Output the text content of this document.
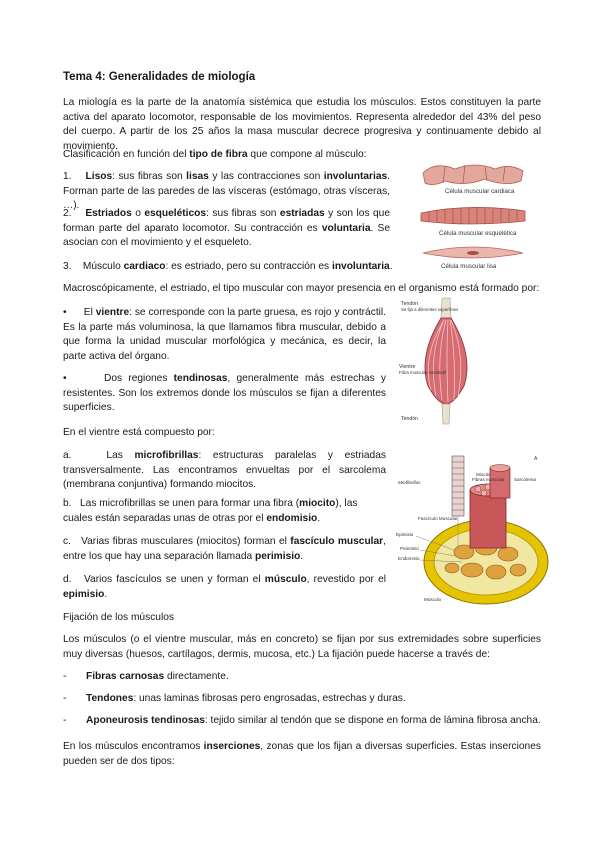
Tema 4: Generalidades de miología

La miología es la parte de la anatomía sistémica que estudia los músculos. Estos constituyen la parte activa del aparato locomotor, responsable de los movimientos. Representa alrededor del 43% del peso del cuerpo. A partir de los 25 años la masa muscular decrece progresiva y continuamente debido al movimiento.

Clasificación en función del tipo de fibra que compone al músculo:

1. Lisos: sus fibras son lisas y las contracciones son involuntarias. Forman parte de las paredes de las vísceras (estómago, otras vísceras, …).

2. Estriados o esqueléticos: sus fibras son estriadas y son los que forman parte del aparato locomotor. Su contracción es voluntaria. Se asocian con el movimiento y el esqueleto.

3. Músculo cardiaco: es estriado, pero su contracción es involuntaria.

Célula muscular cardiaca
Célula muscular esquelética
Célula muscular lisa

Macroscópicamente, el estriado, el tipo muscular con mayor presencia en el organismo está formado por:

• El vientre: se corresponde con la parte gruesa, es rojo y contráctil. Es la parte más voluminosa, la que llamamos fibra muscular, debido a que forma la unidad muscular morfológica y mecánica, es decir, la parte activa del órgano.

•	Dos regiones tendinosas, generalmente más estrechas y resistentes. Son los extremos donde los músculos se fijan a diferentes superficies.

Tendón
Se fija a diferentes superficies
Vientre
Fibra muscular contráctil
Tendón

En el vientre está compuesto por:

a.	Las microfibrillas: estructuras paralelas y estriadas transversalmente. Las encontramos envueltas por el sarcolema (membrana conjuntiva) formando miocitos.

b. Las microfibrillas se unen para formar una fibra (miocito), las cuales están separadas unas de otras por el endomisio.

c. Varias fibras musculares (miocitos) forman el fascículo muscular, entre los que hay una separación llamada perimisio.

d. Varios fascículos se unen y forman el músculo, revestido por el epimisio.

Miofibrillas
Miocito
Fibras muscular Sarcolema
Fascículo Muscular
Epimisio
Perimisio
Endomisio
Músculo
A

Fijación de los músculos

Los músculos (o el vientre muscular, más en concreto) se fijan por sus extremidades sobre superficies muy diversas (huesos, cartílagos, dermis, mucosa, etc.) La fijación puede hacerse a través de:

- Fibras carnosas directamente.

- Tendones: unas laminas fibrosas pero engrosadas, estrechas y duras.

- Aponeurosis tendinosas: tejido similar al tendón que se dispone en forma de lámina fibrosa ancha.

En los músculos encontramos inserciones, zonas que los fijan a diversas superficies. Estas inserciones pueden ser de dos tipos:
